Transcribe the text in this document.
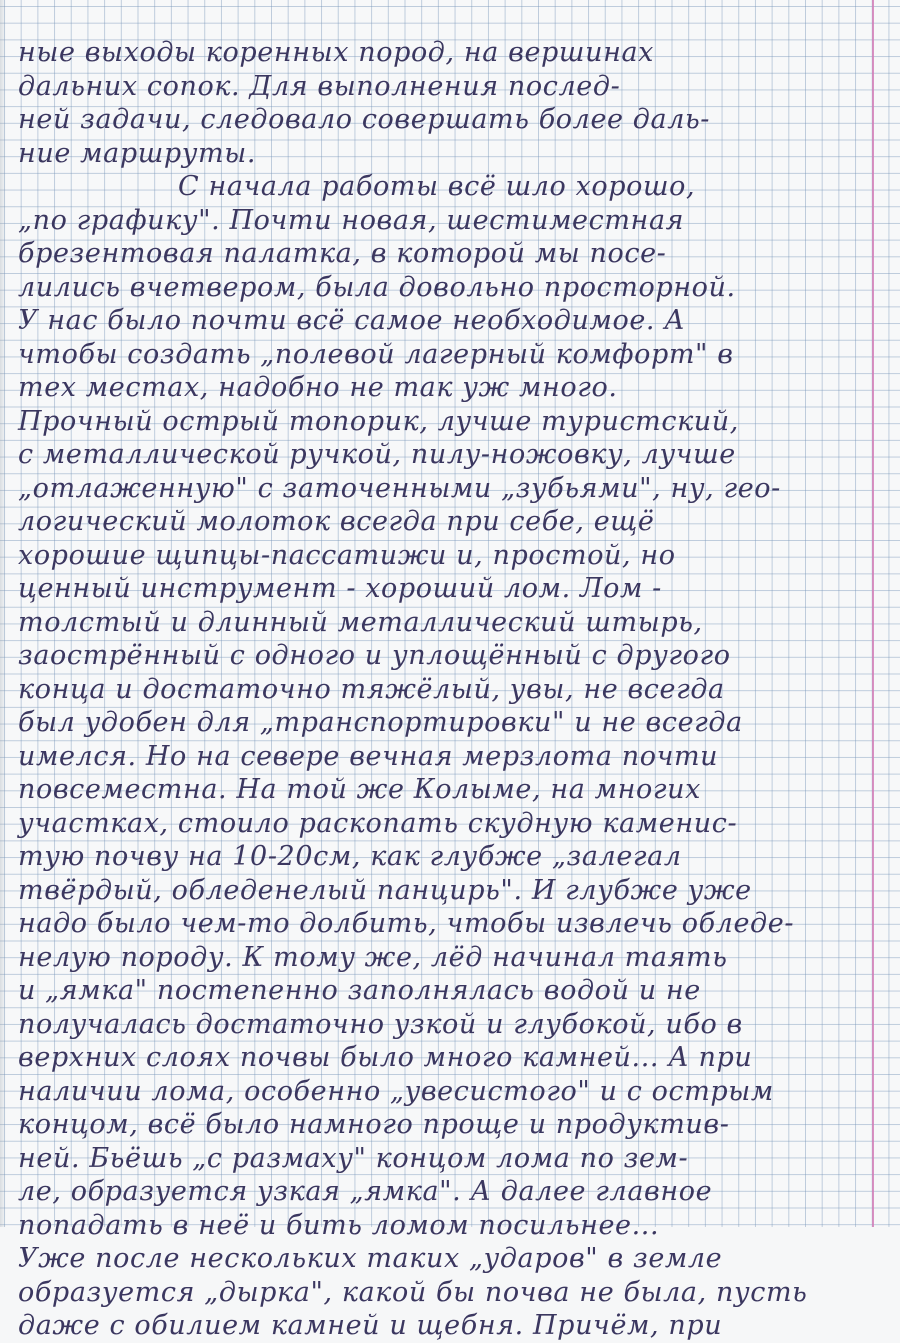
ные выходы коренных пород, на вершинах
дальних сопок. Для выполнения послед-
ней задачи, следовало совершать более даль-
ние маршруты.
С начала работы всё шло хорошо,
„по графику". Почти новая, шестиместная
брезентовая палатка, в которой мы посе-
лились вчетвером, была довольно просторной.
У нас было почти всё самое необходимое. А
чтобы создать „полевой лагерный комфорт" в
тех местах, надобно не так уж много.
Прочный острый топорик, лучше туристский,
с металлической ручкой, пилу-ножовку, лучше
„отлаженную" с заточенными „зубьями", ну, гео-
логический молоток всегда при себе, ещё
хорошие щипцы-пассатижи и, простой, но
ценный инструмент - хороший лом. Лом -
толстый и длинный металлический штырь,
заострённый с одного и уплощённый с другого
конца и достаточно тяжёлый, увы, не всегда
был удобен для „транспортировки" и не всегда
имелся. Но на севере вечная мерзлота почти
повсеместна. На той же Колыме, на многих
участках, стоило раскопать скудную каменис-
тую почву на 10-20см, как глубже „залегал
твёрдый, обледенелый панцирь". И глубже уже
надо было чем-то долбить, чтобы извлечь обледе-
нелую породу. К тому же, лёд начинал таять
и „ямка" постепенно заполнялась водой и не
получалась достаточно узкой и глубокой, ибо в
верхних слоях почвы было много камней... А при
наличии лома, особенно „увесистого" и с острым
концом, всё было намного проще и продуктив-
ней. Бьёшь „с размаху" концом лома по зем-
ле, образуется узкая „ямка". А далее главное
попадать в неё и бить ломом посильнее...
Уже после нескольких таких „ударов" в земле
образуется „дырка", какой бы почва не была, пусть
даже с обилием камней и щебня. Причём, при
